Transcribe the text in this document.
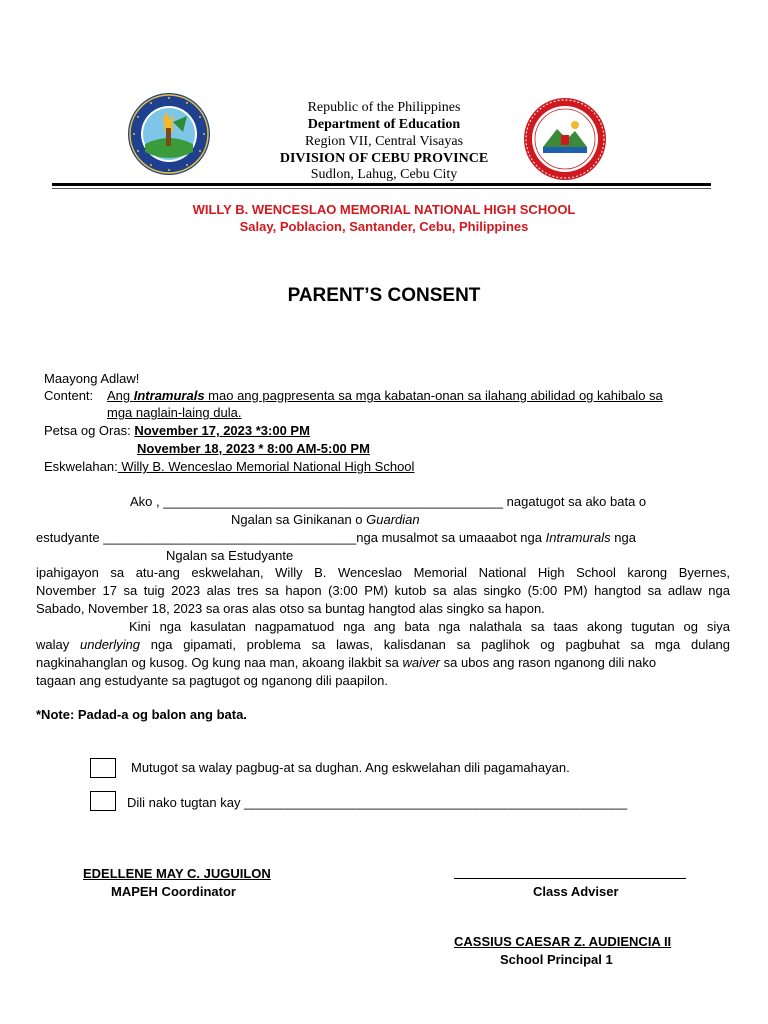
Republic of the Philippines
Department of Education
Region VII, Central Visayas
DIVISION OF CEBU PROVINCE
Sudlon, Lahug, Cebu City
WILLY B. WENCESLAO MEMORIAL NATIONAL HIGH SCHOOL
Salay, Poblacion, Santander, Cebu, Philippines
PARENT’S CONSENT
Maayong Adlaw!
Content: Ang Intramurals mao ang pagpresenta sa mga kabatan-onan sa ilahang abilidad og kahibalo sa
mga naglain-laing dula.
Petsa og Oras: November 17, 2023 *3:00 PM
November 18, 2023 * 8:00 AM-5:00 PM
Eskwelahan: Willy B. Wenceslao Memorial National High School
Ako , _______________________________________________ nagatugot sa ako bata o
Ngalan sa Ginikanan o Guardian
estudyante ___________________________________nga musalmot sa umaaabot nga Intramurals nga
Ngalan sa Estudyante
ipahigayon sa atu-ang eskwelahan, Willy B. Wenceslao Memorial National High School karong Byernes,
November 17 sa tuig 2023 alas tres sa hapon (3:00 PM) kutob sa alas singko (5:00 PM) hangtod sa adlaw nga
Sabado, November 18, 2023 sa oras alas otso sa buntag hangtod alas singko sa hapon.
Kini nga kasulatan nagpamatuod nga ang bata nga nalathala sa taas akong tugutan og siya
walay underlying nga gipamati, problema sa lawas, kalisdanan sa paglihok og pagbuhat sa mga dulang
nagkinahanglan og kusog. Og kung naa man, akoang ilakbit sa waiver sa ubos ang rason nganong dili nako
tagaan ang estudyante sa pagtugot og nganong dili paapilon.
*Note: Padad-a og balon ang bata.
Mutugot sa walay pagbug-at sa dughan. Ang eskwelahan dili pagamahayan.
Dili nako tugtan kay _____________________________________________________
EDELLENE MAY C. JUGUILON
MAPEH Coordinator	Class Adviser
CASSIUS CAESAR Z. AUDIENCIA II
School Principal 1
